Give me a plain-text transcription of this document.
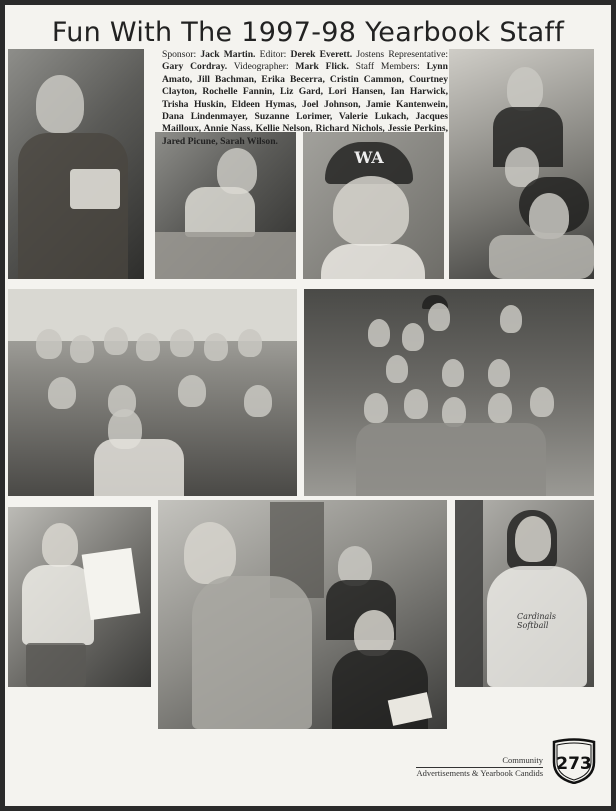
Fun With The 1997-98 Yearbook Staff
WA
Sponsor: Jack Martin. Editor: Derek Everett. Jostens Representative: Gary Cordray. Videographer: Mark Flick. Staff Members: Lynn Amato, Jill Bachman, Erika Becerra, Cristin Cammon, Courtney Clayton, Rochelle Fannin, Liz Gard, Lori Hansen, Ian Harwick, Trisha Huskin, Eldeen Hymas, Joel Johnson, Jamie Kantenwein, Dana Lindenmayer, Suzanne Lorimer, Valerie Lukach, Jacques Mailloux, Annie Nass, Kellie Nelson, Richard Nichols, Jessie Perkins, Jared Picune, Sarah Wilson.
Cardinals Softball
Community
Advertisements & Yearbook Candids 273
